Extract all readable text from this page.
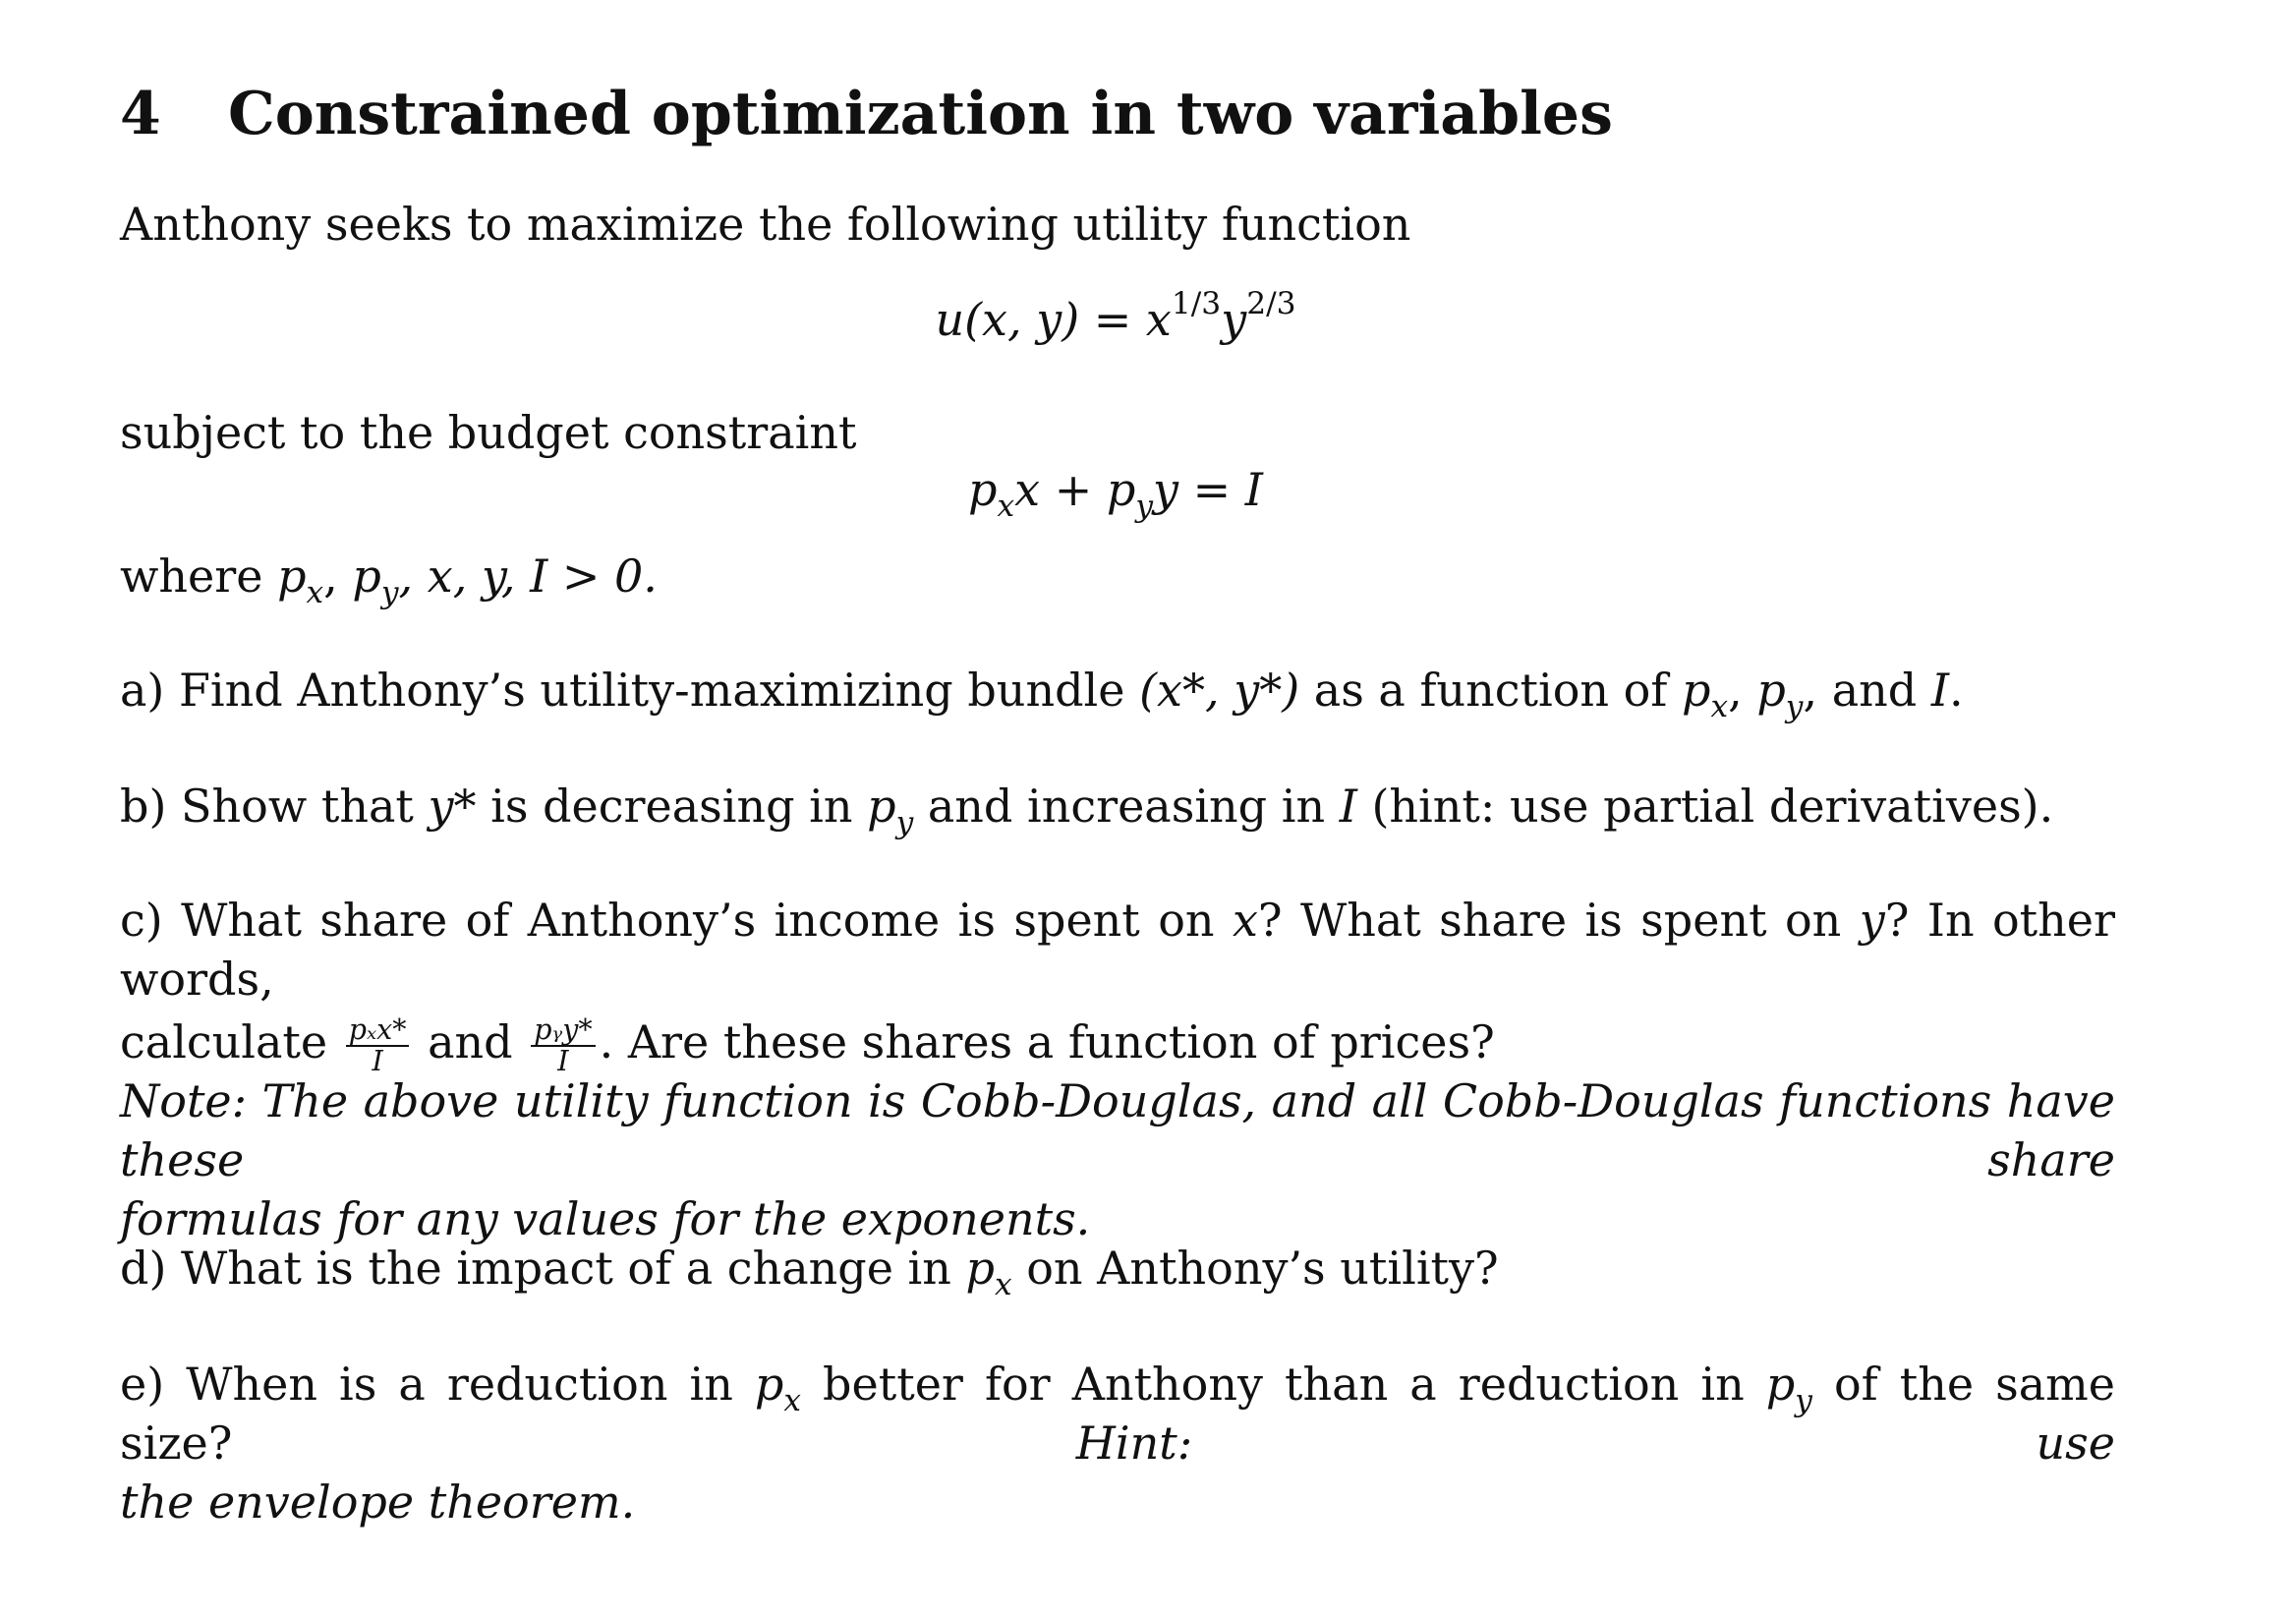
4 Constrained optimization in two variables
Anthony seeks to maximize the following utility function
u(x, $y) = x^{1/3}y^{2/3}$
subject to the budget constraint
$p_xx + p_yy = I$
where $p_x$, $p_y$, x, y, I > 0.
a) Find Anthony’s utility-maximizing bundle (x*, y*) as a function of $p_x$, $p_y$, and I.
b) Show that y* is decreasing in $p_y$ and increasing in I (hint: use partial derivatives).
c) What share of Anthony’s income is spent on x? What share is spent on y? In other words,
calculate $\frac{\text{pₓx*}}{I}$ and $\frac{\text{pᵧy*}}{I}$ . Are these shares a function of prices?
Note: The above utility function is Cobb-Douglas, and all Cobb-Douglas functions have these share
formulas for any values for the exponents.
d) What is the impact of a change in $p_x$ on Anthony’s utility?
e) When is a reduction in $p_x$ better for Anthony than a reduction in $p_y$ of the same size? Hint: use
the envelope theorem.
